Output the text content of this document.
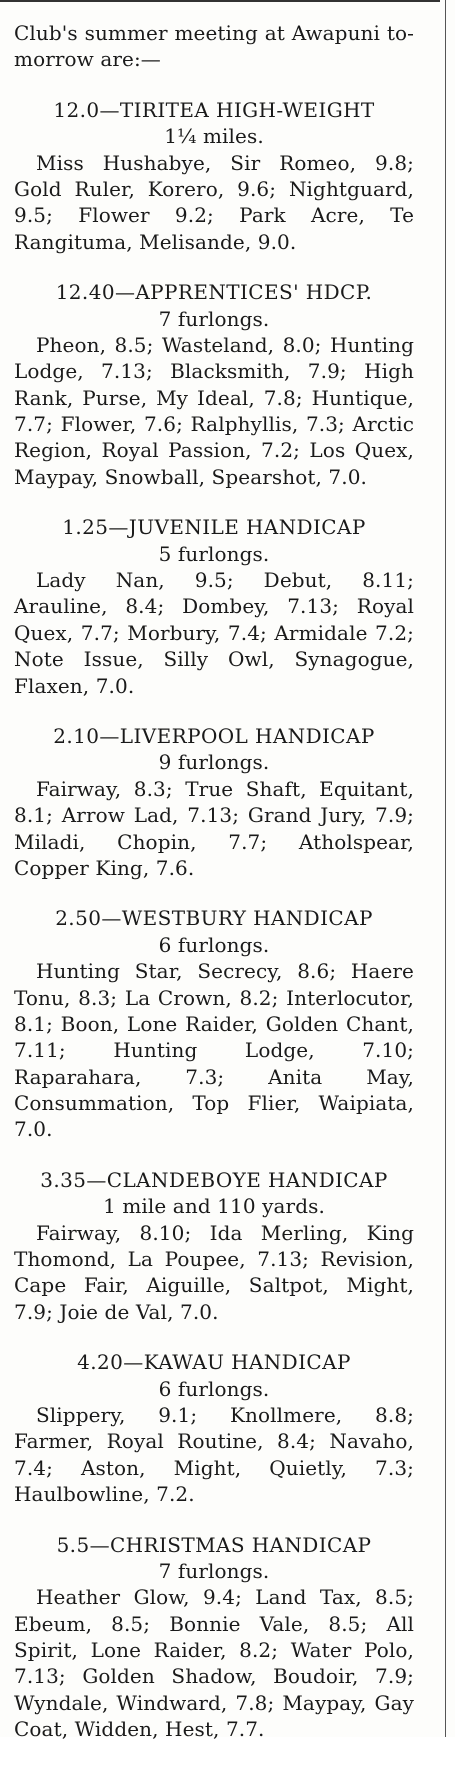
Club's summer meeting at Awapuni to-morrow are:—

12.0—TIRITEA HIGH-WEIGHT
1¼ miles.
Miss Hushabye, Sir Romeo, 9.8; Gold Ruler, Korero, 9.6; Nightguard, 9.5; Flower 9.2; Park Acre, Te Rangituma, Melisande, 9.0.
12.40—APPRENTICES' HDCP.
7 furlongs.
Pheon, 8.5; Wasteland, 8.0; Hunting Lodge, 7.13; Blacksmith, 7.9; High Rank, Purse, My Ideal, 7.8; Huntique, 7.7; Flower, 7.6; Ralphyllis, 7.3; Arctic Region, Royal Passion, 7.2; Los Quex, Maypay, Snowball, Spearshot, 7.0.
1.25—JUVENILE HANDICAP
5 furlongs.
Lady Nan, 9.5; Debut, 8.11; Arauline, 8.4; Dombey, 7.13; Royal Quex, 7.7; Morbury, 7.4; Armidale 7.2; Note Issue, Silly Owl, Synagogue, Flaxen, 7.0.
2.10—LIVERPOOL HANDICAP
9 furlongs.
Fairway, 8.3; True Shaft, Equitant, 8.1; Arrow Lad, 7.13; Grand Jury, 7.9; Miladi, Chopin, 7.7; Atholspear, Copper King, 7.6.
2.50—WESTBURY HANDICAP
6 furlongs.
Hunting Star, Secrecy, 8.6; Haere Tonu, 8.3; La Crown, 8.2; Interlocutor, 8.1; Boon, Lone Raider, Golden Chant, 7.11; Hunting Lodge, 7.10; Raparahara, 7.3; Anita May, Consummation, Top Flier, Waipiata, 7.0.
3.35—CLANDEBOYE HANDICAP
1 mile and 110 yards.
Fairway, 8.10; Ida Merling, King Thomond, La Poupee, 7.13; Revision, Cape Fair, Aiguille, Saltpot, Might, 7.9; Joie de Val, 7.0.
4.20—KAWAU HANDICAP
6 furlongs.
Slippery, 9.1; Knollmere, 8.8; Farmer, Royal Routine, 8.4; Navaho, 7.4; Aston, Might, Quietly, 7.3; Haulbowline, 7.2.
5.5—CHRISTMAS HANDICAP
7 furlongs.
Heather Glow, 9.4; Land Tax, 8.5; Ebeum, 8.5; Bonnie Vale, 8.5; All Spirit, Lone Raider, 8.2; Water Polo, 7.13; Golden Shadow, Boudoir, 7.9; Wyndale, Windward, 7.8; Maypay, Gay Coat, Widden, Hest, 7.7.
